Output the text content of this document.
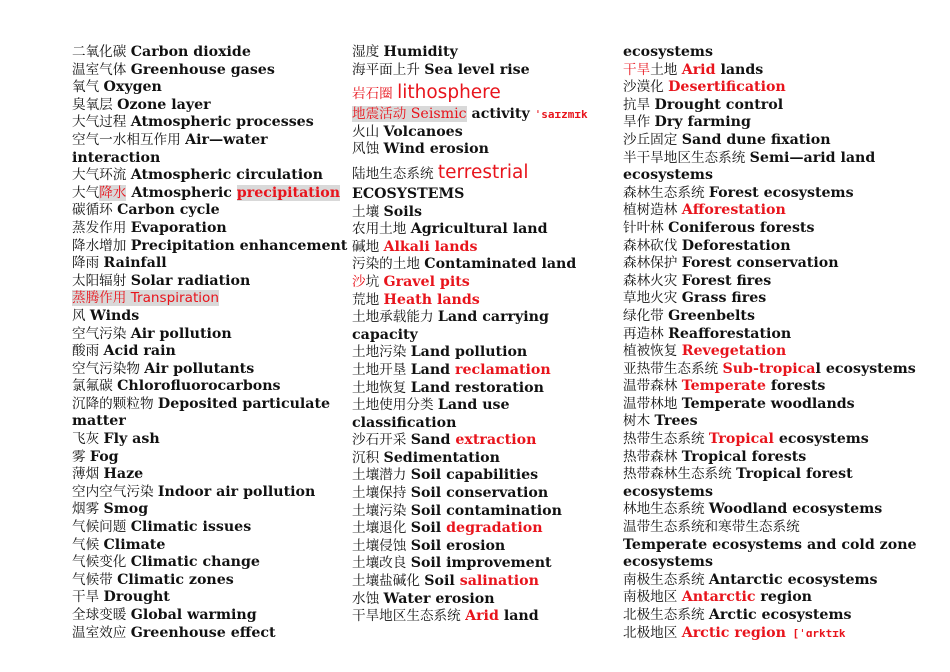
二氧化碳 Carbon dioxide
温室气体 Greenhouse gases
氧气 Oxygen
臭氧层 Ozone layer
大气过程 Atmospheric processes
空气一水相互作用 Air—water
interaction
大气环流 Atmospheric circulation
大气降水 Atmospheric precipitation
碳循环 Carbon cycle
蒸发作用 Evaporation
降水增加 Precipitation enhancement
降雨 Rainfall
太阳辐射 Solar radiation
蒸腾作用 Transpiration
风 Winds
空气污染 Air pollution
酸雨 Acid rain
空气污染物 Air pollutants
氯氟碳 Chlorofluorocarbons
沉降的颗粒物 Deposited particulate
matter
飞灰 Fly ash
雾 Fog
薄烟 Haze
空内空气污染 Indoor air pollution
烟雾 Smog
气候问题 Climatic issues
气候 Climate
气候变化 Climatic change
气候带 Climatic zones
干旱 Drought
全球变暖 Global warming
温室效应 Greenhouse effect
湿度 Humidity
海平面上升 Sea level rise
岩石圈 lithosphere
地震活动 Seismic activity ˈsaɪzmɪk
火山 Volcanoes
风蚀 Wind erosion
陆地生态系统 terrestrial
ECOSYSTEMS
土壤 Soils
农用土地 Agricultural land
碱地 Alkali lands
污染的土地 Contaminated land
沙坑 Gravel pits
荒地 Heath lands
土地承载能力 Land carrying
capacity
土地污染 Land pollution
土地开垦 Land reclamation
土地恢复 Land restoration
土地使用分类 Land use
classification
沙石开采 Sand extraction
沉积 Sedimentation
土壤潜力 Soil capabilities
土壤保持 Soil conservation
土壤污染 Soil contamination
土壤退化 Soil degradation
土壤侵蚀 Soil erosion
土壤改良 Soil improvement
土壤盐碱化 Soil salination
水蚀 Water erosion
干旱地区生态系统 Arid land
ecosystems
干旱土地 Arid lands
沙漠化 Desertification
抗旱 Drought control
旱作 Dry farming
沙丘固定 Sand dune fixation
半干旱地区生态系统 Semi—arid land
ecosystems
森林生态系统 Forest ecosystems
植树造林 Afforestation
针叶林 Coniferous forests
森林砍伐 Deforestation
森林保护 Forest conservation
森林火灾 Forest fires
草地火灾 Grass fires
绿化带 Greenbelts
再造林 Reafforestation
植被恢复 Revegetation
亚热带生态系统 Sub-tropical ecosystems
温带森林 Temperate forests
温带林地 Temperate woodlands
树木 Trees
热带生态系统 Tropical ecosystems
热带森林 Tropical forests
热带森林生态系统 Tropical forest
ecosystems
林地生态系统 Woodland ecosystems
温带生态系统和寒带生态系统
Temperate ecosystems and cold zone
ecosystems
南极生态系统 Antarctic ecosystems
南极地区 Antarctic region
北极生态系统 Arctic ecosystems
北极地区 Arctic region [ˈɑrktɪk
